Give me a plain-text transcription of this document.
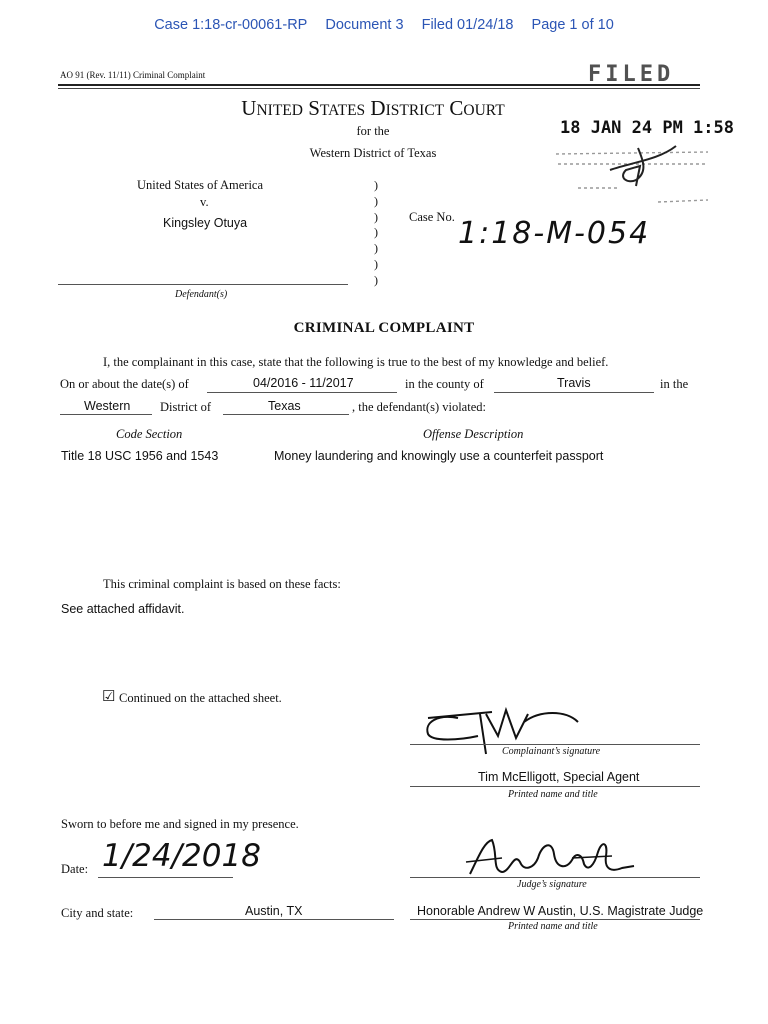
Case 1:18-cr-00061-RP Document 3 Filed 01/24/18 Page 1 of 10
AO 91 (Rev. 11/11) Criminal Complaint	FILED
18 JAN 24 PM 1:58
UNITED STATES DISTRICT COURT
for the
Western District of Texas
United States of America
v.
Kingsley Otuya
)
)
)
)
)
)
)
Defendant(s)
Case No. 1:18-M-054
CRIMINAL COMPLAINT
I, the complainant in this case, state that the following is true to the best of my knowledge and belief.
On or about the date(s) of	04/2016 - 11/2017	in the county of	Travis	in the
Western District of	Texas	, the defendant(s) violated:
Code Section	Offense Description
Title 18 USC 1956 and 1543	Money laundering and knowingly use a counterfeit passport
This criminal complaint is based on these facts:
See attached affidavit.
☑ Continued on the attached sheet.
Complainant’s signature
Tim McElligott, Special Agent
Printed name and title
Sworn to before me and signed in my presence.
Date: 1/24/2018
Judge’s signature
City and state:	Austin, TX	Honorable Andrew W Austin, U.S. Magistrate Judge
Printed name and title
